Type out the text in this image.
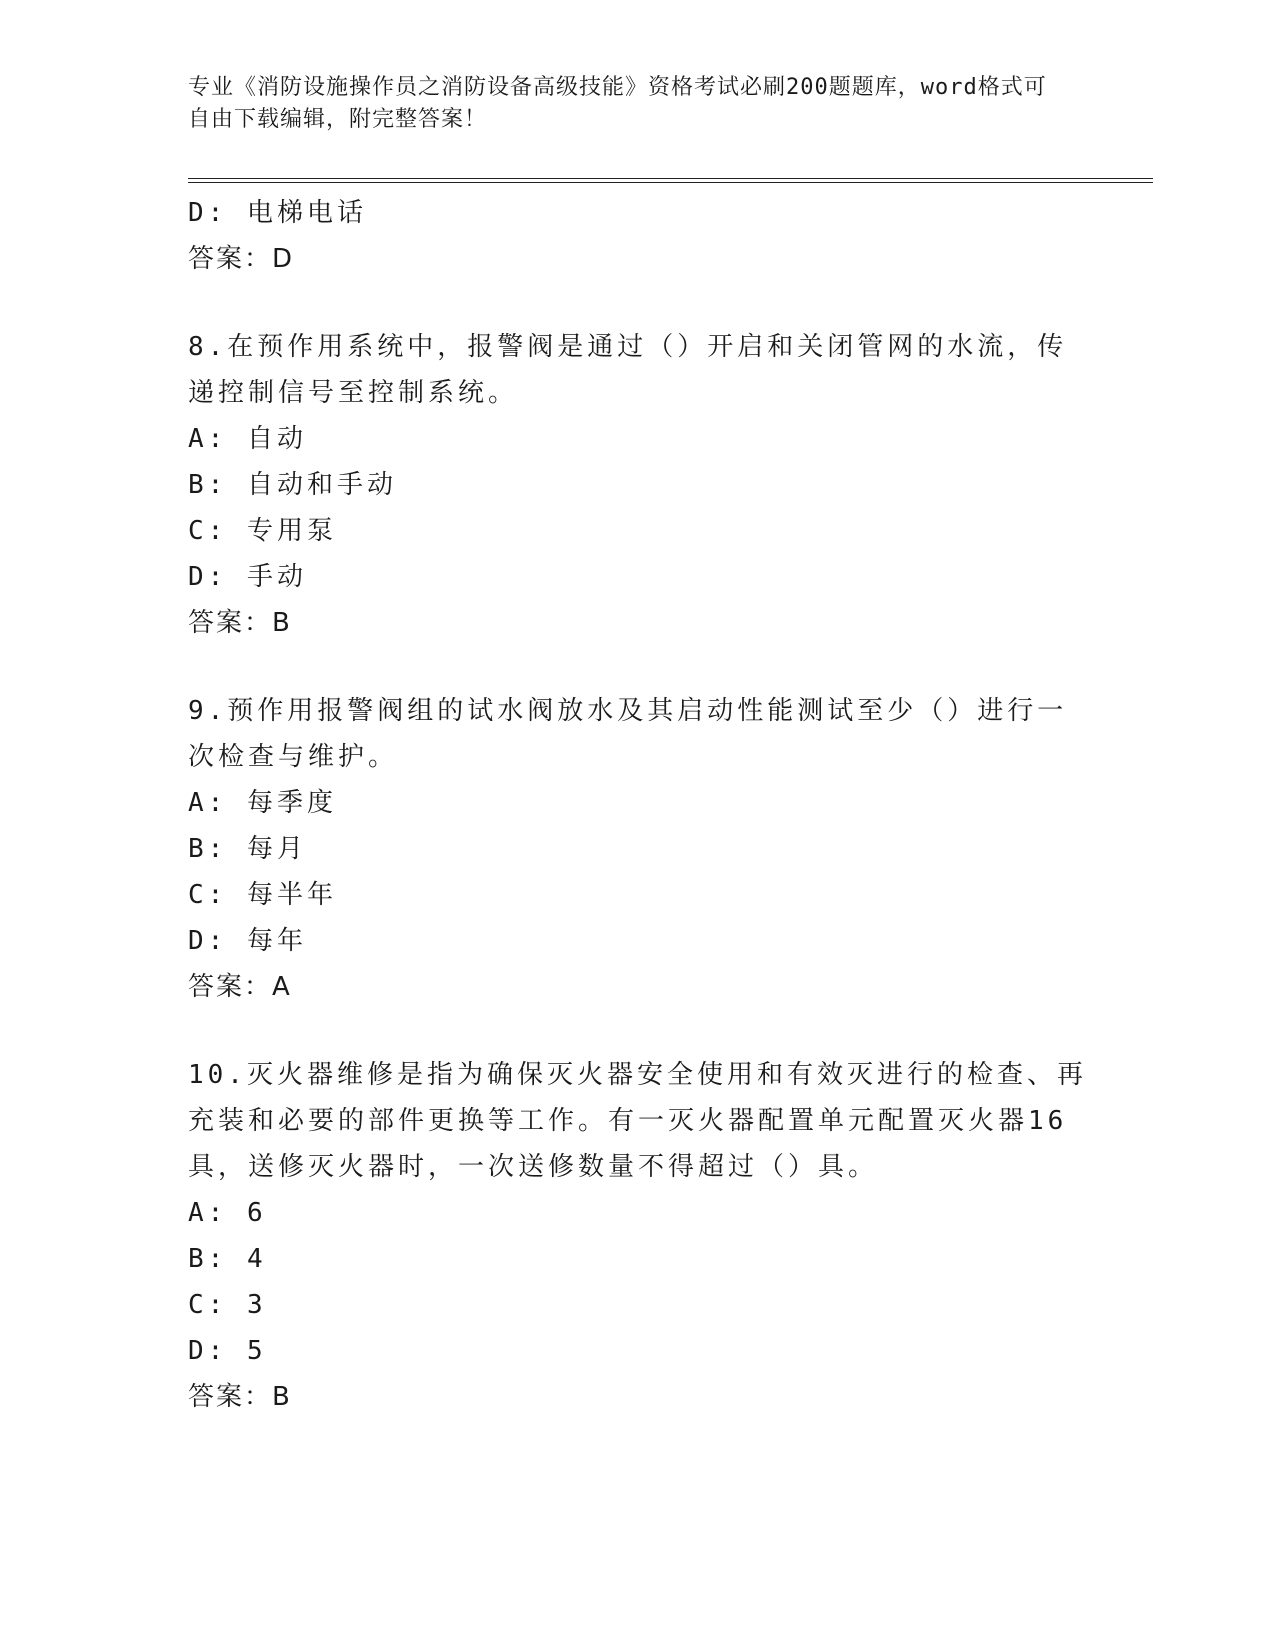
专业《消防设施操作员之消防设备高级技能》资格考试必刷200题题库，word格式可自由下载编辑，附完整答案！
D: 电梯电话
答案：D
8.在预作用系统中，报警阀是通过（）开启和关闭管网的水流，传递控制信号至控制系统。
A: 自动
B: 自动和手动
C: 专用泵
D: 手动
答案：B
9.预作用报警阀组的试水阀放水及其启动性能测试至少（）进行一次检查与维护。
A: 每季度
B: 每月
C: 每半年
D: 每年
答案：A
10.灭火器维修是指为确保灭火器安全使用和有效灭进行的检查、再充装和必要的部件更换等工作。有一灭火器配置单元配置灭火器16具，送修灭火器时，一次送修数量不得超过（）具。
A: 6
B: 4
C: 3
D: 5
答案：B
